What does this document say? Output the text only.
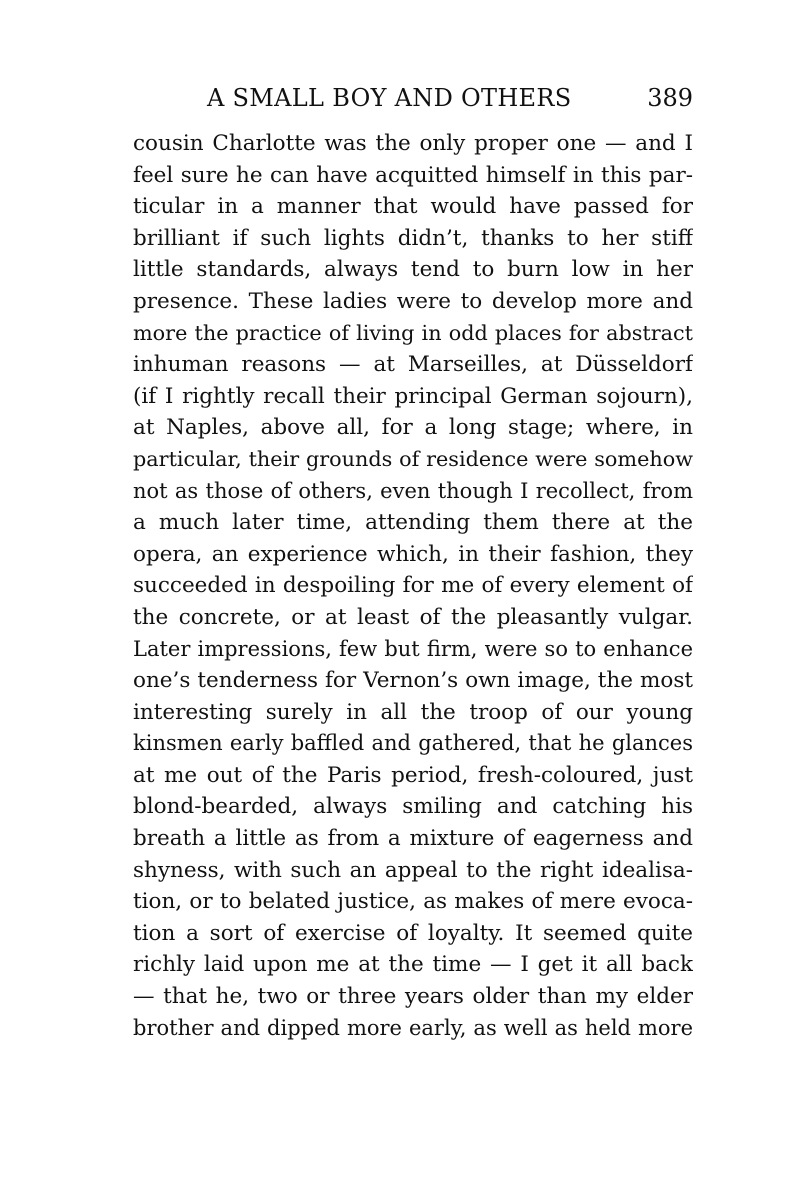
A SMALL BOY AND OTHERS	389
cousin Charlotte was the only proper one — and I
feel sure he can have acquitted himself in this par-
ticular in a manner that would have passed for
brilliant if such lights didn’t, thanks to her stiff
little standards, always tend to burn low in her
presence. These ladies were to develop more and
more the practice of living in odd places for abstract
inhuman reasons — at Marseilles, at Düsseldorf
(if I rightly recall their principal German sojourn),
at Naples, above all, for a long stage; where, in
particular, their grounds of residence were somehow
not as those of others, even though I recollect, from
a much later time, attending them there at the
opera, an experience which, in their fashion, they
succeeded in despoiling for me of every element of
the concrete, or at least of the pleasantly vulgar.
Later impressions, few but firm, were so to enhance
one’s tenderness for Vernon’s own image, the most
interesting surely in all the troop of our young
kinsmen early baffled and gathered, that he glances
at me out of the Paris period, fresh-coloured, just
blond-bearded, always smiling and catching his
breath a little as from a mixture of eagerness and
shyness, with such an appeal to the right idealisa-
tion, or to belated justice, as makes of mere evoca-
tion a sort of exercise of loyalty. It seemed quite
richly laid upon me at the time — I get it all back
— that he, two or three years older than my elder
brother and dipped more early, as well as held more
